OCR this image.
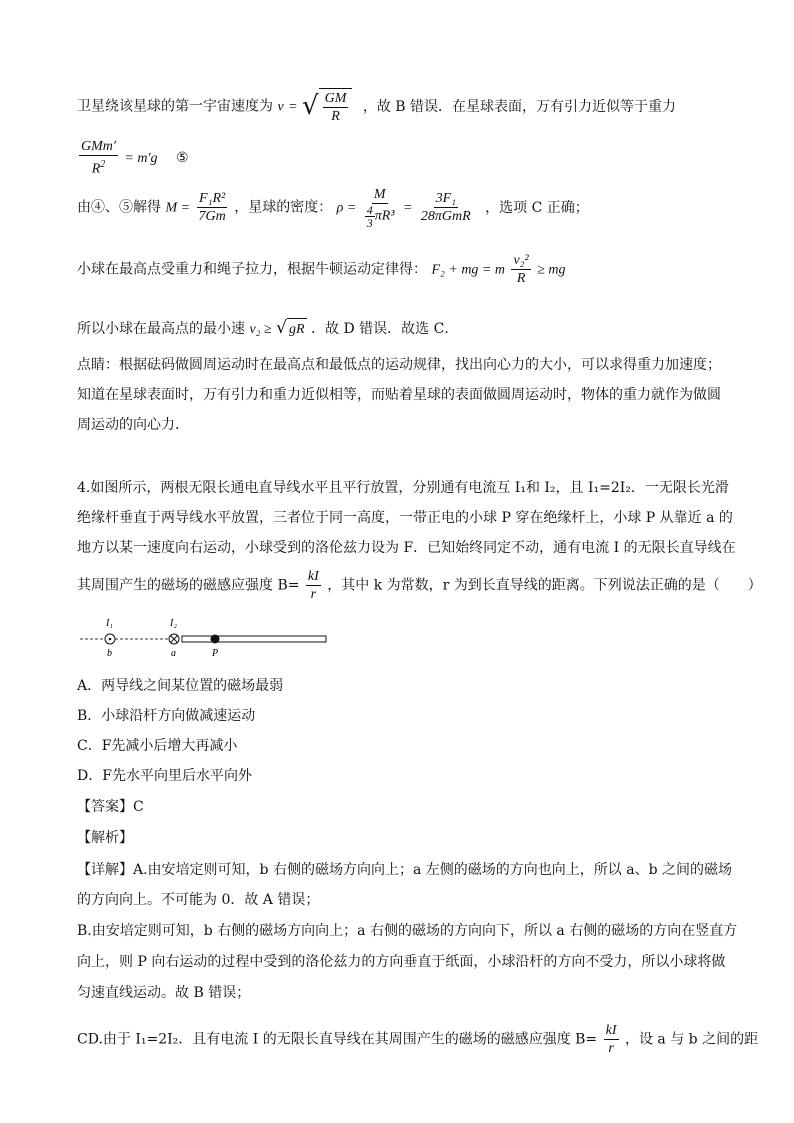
卫星绕该星球的第一宇宙速度为 v = √ $\frac{GM}{R}$ ，故 B 错误．在星球表面，万有引力近似等于重力
$\frac{\text{GMm′}}{R^2} = m'g$ ⑤
由④、⑤解得 $M = \frac{\text{F₁R²}}{7Gm}$ ，星球的密度： $\rho = \frac{M}{\frac{4}{3} \pi R^3} = \frac{\text{3F₁}}{\text{28πGmR}}$ ，选项 C 正确；
小球在最高点受重力和绳子拉力，根据牛顿运动定律得： F₂ + mg = m $\frac{\text{v₂²}}{R}$ ≥ mg
所以小球在最高点的最小速 v₂ ≥ √ gR ．故 D 错误．故选 C．
点睛：根据砝码做圆周运动时在最高点和最低点的运动规律，找出向心力的大小，可以求得重力加速度；
知道在星球表面时，万有引力和重力近似相等，而贴着星球的表面做圆周运动时，物体的重力就作为做圆
周运动的向心力．
4.如图所示，两根无限长通电直导线水平且平行放置，分别通有电流互 I₁和 I₂，且 I₁=2I₂．一无限长光滑
绝缘杆垂直于两导线水平放置，三者位于同一高度，一带正电的小球 P 穿在绝缘杆上，小球 P 从靠近 a 的
地方以某一速度向右运动，小球受到的洛伦兹力设为 F．已知始终同定不动，通有电流 I 的无限长直导线在
其周围产生的磁场的磁感应强度 $B= \frac{kI}{r}$ ，其中 k 为常数，r 为到长直导线的距离。下列说法正确的是（　　）
I₁	I₂
b	a	P
A．两导线之间某位置的磁场最弱
B．小球沿杆方向做减速运动
C．F先减小后增大再减小
D．F先水平向里后水平向外
【答案】C
【解析】
【详解】A.由安培定则可知，b 右侧的磁场方向向上；a 左侧的磁场的方向也向上，所以 a、b 之间的磁场
的方向向上。不可能为 0．故 A 错误；
B.由安培定则可知，b 右侧的磁场方向向上；a 右侧的磁场的方向向下，所以 a 右侧的磁场的方向在竖直方
向上，则 P 向右运动的过程中受到的洛伦兹力的方向垂直于纸面，小球沿杆的方向不受力，所以小球将做
匀速直线运动。故 B 错误；
CD.由于 I₁=2I₂．且有电流 I 的无限长直导线在其周围产生的磁场的磁感应强度 $B= \frac{kI}{r}$ ，设 a 与 b 之间的距
